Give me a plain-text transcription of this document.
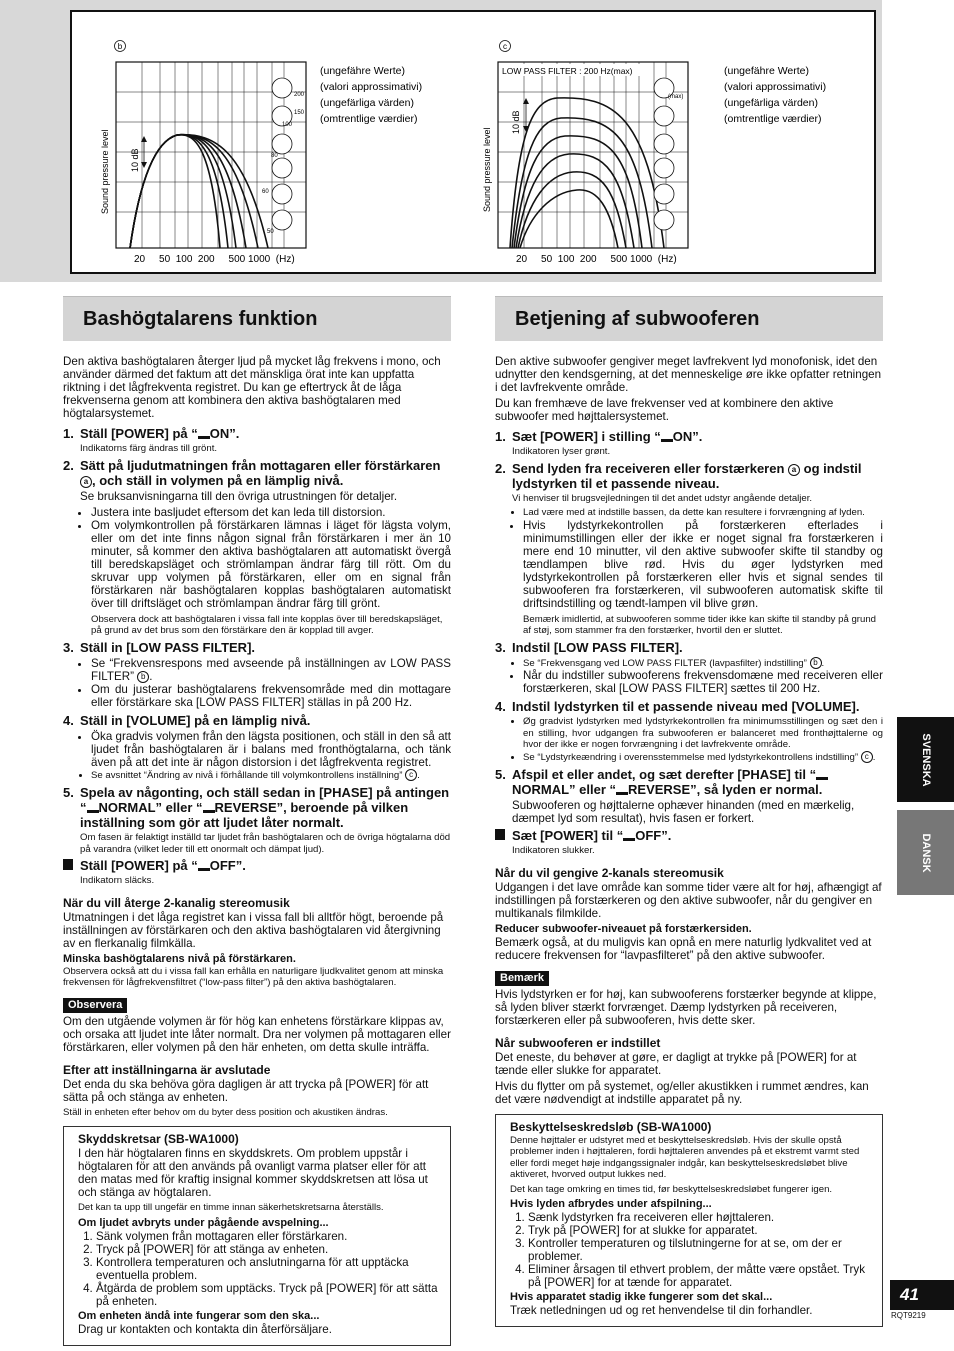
b
Sound pressure level 10 dB
200
150
100
80
60
50
20     50  100  200     500 1000  (Hz)
(ungefähre Werte)
(valori approssimativi)
(ungefärliga värden)
(omtrentlige værdier)
c
Sound pressure level
LOW PASS FILTER : 200 Hz(max)
10 dB
(max)
20     50  100  200     500 1000  (Hz)
(ungefähre Werte)
(valori approssimativi)
(ungefärliga värden)
(omtrentlige værdier)
Bashögtalarens funktion

Den aktiva bashögtalaren återger ljud på mycket låg frekvens i mono, och använder därmed det faktum att det mänskliga örat inte kan uppfatta riktning i det lågfrekventa registret. Du kan ge eftertryck åt de låga frekvenserna genom att kombinera den aktiva bashögtalaren med högtalarsystemet.

1. Ställ [POWER] på “ ON”.

Indikatorns färg ändras till grönt.

2. Sätt på ljudutmatningen från mottagaren eller förstärkaren a , och ställ in volymen på en lämplig nivå.

Se bruksanvisningarna till den övriga utrustningen för detaljer.

• Justera inte basljudet eftersom det kan leda till distorsion.
• Om volymkontrollen på förstärkaren lämnas i läget för lägsta volym, eller om det inte finns någon signal från förstärkaren i mer än 10 minuter, så kommer den aktiva bashögtalaren att automatiskt övergå till beredskapsläget och strömlampan ändrar färg till rött. Om du skruvar upp volymen på förstärkaren, eller om en signal från förstärkaren när bashögtalaren kopplas bashögtalaren automatiskt över till driftsläget och strömlampan ändrar färg till grönt.

Observera dock att bashögtalaren i vissa fall inte kopplas över till beredskapsläget, på grund av det brus som den förstärkare den är kopplad till avger.

3. Ställ in [LOW PASS FILTER].
• Se “Frekvensrespons med avseende på inställningen av LOW PASS FILTER” b .
• Om du justerar bashögtalarens frekvensområde med din mottagare eller förstärkare ska [LOW PASS FILTER] ställas in på 200 Hz.
4. Ställ in [VOLUME] på en lämplig nivå.
• Öka gradvis volymen från den lägsta positionen, och ställ in den så att ljudet från bashögtalaren är i balans med fronthögtalarna, och tänk även på att det inte är någon distorsion i det lågfrekventa registret.
• Se avsnittet “Ändring av nivå i förhållande till volymkontrollens inställning” c .
5. Spela av någonting, och ställ sedan in [PHASE] på antingen “ NORMAL” eller “ REVERSE”, beroende på vilken inställning som gör att ljudet låter normalt.

Om fasen är felaktigt inställd tar ljudet från bashögtalaren och de övriga högtalarna död på varandra (vilket leder till ett onormalt och dämpat ljud).

Ställ [POWER] på “ OFF”.

Indikatorn släcks.

När du vill återge 2-kanalig stereomusik

Utmatningen i det låga registret kan i vissa fall bli alltför högt, beroende på inställningen av förstärkaren och den aktiva bashögtalaren vid återgivning av en flerkanalig filmkälla.

Minska bashögtalarens nivå på förstärkaren.

Observera också att du i vissa fall kan erhålla en naturligare ljudkvalitet genom att minska frekvensen för lågfrekvensfiltret (“low-pass filter”) på den aktiva bashögtalaren.

Observera

Om den utgående volymen är för hög kan enhetens förstärkare klippas av, och orsaka att ljudet inte låter normalt. Dra ner volymen på mottagaren eller förstärkaren, eller volymen på den här enheten, om detta skulle inträffa.

Efter att inställningarna är avslutade

Det enda du ska behöva göra dagligen är att trycka på [POWER] för att sätta på och stänga av enheten.

Ställ in enheten efter behov om du byter dess position och akustiken ändras.

Skyddskretsar (SB-WA1000)

I den här högtalaren finns en skyddskrets. Om problem uppstår i högtalaren för att den används på ovanligt varma platser eller för att den matas med för kraftig insignal kommer skyddskretsen att lösa ut och stänga av högtalaren.

Det kan ta upp till ungefär en timme innan säkerhetskretsarna återställs.

Om ljudet avbryts under pågående avspelning...

1. Sänk volymen från mottagaren eller förstärkaren.
2. Tryck på [POWER] för att stänga av enheten.
3. Kontrollera temperaturen och anslutningarna för att upptäcka eventuella problem.
4. Åtgärda de problem som upptäcks. Tryck på [POWER] för att sätta på enheten.

Om enheten ändå inte fungerar som den ska...

Drag ur kontakten och kontakta din återförsäljare.

Betjening af subwooferen

Den aktive subwoofer gengiver meget lavfrekvent lyd monofonisk, idet den udnytter den kendsgerning, at det menneskelige øre ikke opfatter retningen i det lavfrekvente område.

Du kan fremhæve de lave frekvenser ved at kombinere den aktive subwoofer med højttalersystemet.

1. Sæt [POWER] i stilling “ ON”.

Indikatoren lyser grønt.

2. Send lyden fra receiveren eller forstærkeren a og indstil lydstyrken til et passende niveau.

Vi henviser til brugsvejledningen til det andet udstyr angående detaljer.

• Lad være med at indstille bassen, da dette kan resultere i forvrængning af lyden.
• Hvis lydstyrkekontrollen på forstærkeren efterlades i minimumstillingen eller der ikke er noget signal fra forstærkeren i mere end 10 minutter, vil den aktive subwoofer skifte til standby og tændlampen blive rød. Hvis du øger lydstyrken med lydstyrkekontrollen på forstærkeren eller hvis et signal sendes til subwooferen fra forstærkeren, vil subwooferen automatisk skifte til driftsindstilling og tændt-lampen vil blive grøn.

Bemærk imidlertid, at subwooferen somme tider ikke kan skifte til standby på grund af støj, som stammer fra den forstærker, hvortil den er sluttet.

3. Indstil [LOW PASS FILTER].
• Se “Frekvensgang ved LOW PASS FILTER (lavpasfilter) indstilling” b .
• Når du indstiller subwooferens frekvensdomæne med receiveren eller forstærkeren, skal [LOW PASS FILTER] sættes til 200 Hz.
4. Indstil lydstyrken til et passende niveau med [VOLUME].
• Øg gradvist lydstyrken med lydstyrkekontrollen fra minimumsstillingen og sæt den i en stilling, hvor udgangen fra subwooferen er balanceret med fronthøjttalerne og hvor der ikke er nogen forvrængning i det lavfrekvente område.
• Se “Lydstyrkeændring i overensstemmelse med lydstyrkekontrollens indstilling” c .
5. Afspil et eller andet, og sæt derefter [PHASE] til “NORMAL” eller “ REVERSE”, så lyden er normal.

Subwooferen og højttalerne ophæver hinanden (med en mærkelig, dæmpet lyd som resultat), hvis fasen er forkert.

Sæt [POWER] til “ OFF”.

Indikatoren slukker.

Når du vil gengive 2-kanals stereomusik

Udgangen i det lave område kan somme tider være alt for høj, afhængigt af indstillingen på forstærkeren og den aktive subwoofer, når du gengiver en multikanals filmkilde.

Reducer subwoofer-niveauet på forstærkersiden.

Bemærk også, at du muligvis kan opnå en mere naturlig lydkvalitet ved at reducere frekvensen for “lavpasfilteret” på den aktive subwoofer.

Bemærk

Hvis lydstyrken er for høj, kan subwooferens forstærker begynde at klippe, så lyden bliver stærkt forvrænget. Dæmp lydstyrken på receiveren, forstærkeren eller på subwooferen, hvis dette sker.

Når subwooferen er indstillet

Det eneste, du behøver at gøre, er dagligt at trykke på [POWER] for at tænde eller slukke for apparatet.

Hvis du flytter om på systemet, og/eller akustikken i rummet ændres, kan det være nødvendigt at indstille apparatet på ny.

Beskyttelseskredsløb (SB-WA1000)

Denne højttaler er udstyret med et beskyttelseskredsløb. Hvis der skulle opstå problemer inden i højttaleren, fordi højttaleren anvendes på et ekstremt varmt sted eller fordi meget høje indgangssignaler indgår, kan beskyttelseskredsløbet blive aktiveret, hvorved output lukkes ned.

Det kan tage omkring en times tid, før beskyttelseskredsløbet fungerer igen.

Hvis lyden afbrydes under afspilning...

1. Sænk lydstyrken fra receiveren eller højttaleren.
2. Tryk på [POWER] for at slukke for apparatet.
3. Kontroller temperaturen og tilslutningerne for at se, om der er problemer.
4. Eliminer årsagen til ethvert problem, der måtte være opstået. Tryk på [POWER] for at tænde for apparatet.

Hvis apparatet stadig ikke fungerer som det skal...

Træk netledningen ud og ret henvendelse til din forhandler.

SVENSKA
DANSK
41
RQT9219
